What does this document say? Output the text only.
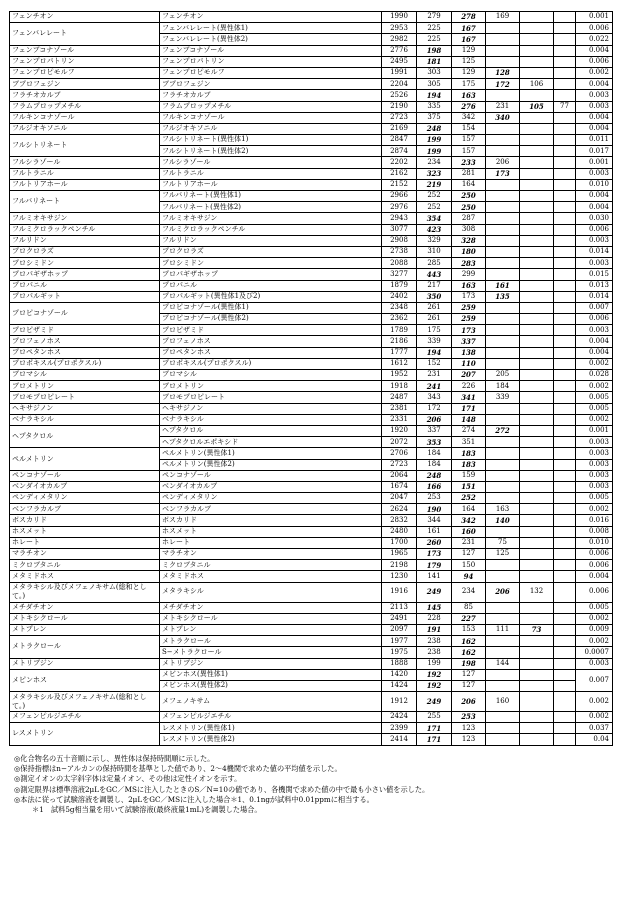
フェンチオン	フェンチオン	1990	279	278	169			0.001
フェンバレレート	フェンバレレート(異性体1)	2953	225	167				0.006
	フェンバレレート(異性体2)	2982	225	167				0.022
フェンブコナゾール	フェンブコナゾール	2776	198	129				0.004
フェンプロパトリン	フェンプロパトリン	2495	181	125				0.006
フェンプロピモルフ	フェンプロピモルフ	1991	303	129	128			0.002
ブプロフェジン	ブプロフェジン	2204	305	175	172	106		0.004
フラチオカルブ	フラチオカルブ	2526	194	163				0.003
フラムプロップメチル	フラムプロップメチル	2190	335	276	231	105	77	0.003
フルキンコナゾール	フルキンコナゾール	2723	375	342	340			0.004
フルジオキソニル	フルジオキソニル	2169	248	154				0.004
フルシトリネート	フルシトリネート(異性体1)	2847	199	157				0.011
	フルシトリネート(異性体2)	2874	199	157				0.017
フルシラゾール	フルシラゾール	2202	234	233	206			0.001
フルトラニル	フルトラニル	2162	323	281	173			0.003
フルトリアホール	フルトリアホール	2152	219	164				0.010
フルバリネート	フルバリネート(異性体1)	2966	252	250				0.004
	フルバリネート(異性体2)	2976	252	250				0.004
フルミオキサジン	フルミオキサジン	2943	354	287				0.030
フルミクロラックペンチル	フルミクロラックペンチル	3077	423	308				0.006
フルリドン	フルリドン	2908	329	328				0.003
プロクロラズ	プロクロラズ	2738	310	180				0.014
プロシミドン	プロシミドン	2088	285	283				0.003
プロパギザホップ	プロパギザホップ	3277	443	299				0.015
プロパニル	プロパニル	1879	217	163	161			0.013
プロパルギット	プロパルギット(異性体1及び2)	2402	350	173	135			0.014
プロピコナゾール	プロピコナゾール(異性体1)	2348	261	259				0.007
	プロピコナゾール(異性体2)	2362	261	259				0.006
プロピザミド	プロピザミド	1789	175	173				0.003
プロフェノホス	プロフェノホス	2186	339	337				0.004
プロペタンホス	プロペタンホス	1777	194	138				0.004
プロポキスル(プロポクスル)	プロポキスル(プロポクスル)	1612	152	110				0.002
ブロマシル	ブロマシル	1952	231	207	205			0.028
ブロメトリン	ブロメトリン	1918	241	226	184			0.002
ブロモプロピレート	ブロモプロピレート	2487	343	341	339			0.005
ヘキサジノン	ヘキサジノン	2381	172	171				0.005
ベナラキシル	ベナラキシル	2331	206	148				0.002
ヘプタクロル	ヘプタクロル	1920	337	274	272			0.001
	ヘプタクロルエポキシド	2072	353	351				0.003
ペルメトリン	ペルメトリン(異性体1)	2706	184	183				0.003
	ペルメトリン(異性体2)	2723	184	183				0.003
ペンコナゾール	ペンコナゾール	2064	248	159				0.003
ベンダイオカルブ	ベンダイオカルブ	1674	166	151				0.003
ペンディメタリン	ペンディメタリン	2047	253	252				0.005
ベンフラカルブ	ベンフラカルブ	2624	190	164	163			0.002
ボスカリド	ボスカリド	2832	344	342	140			0.016
ホスメット	ホスメット	2480	161	160				0.008
ホレート	ホレート	1700	260	231	75			0.010
マラチオン	マラチオン	1965	173	127	125			0.006
ミクロブタニル	ミクロブタニル	2198	179	150				0.006
メタミドホス	メタミドホス	1230	141	94				0.004
メタラキシル及びメフェノキサム(総和として。)	メタラキシル	1916	249	234	206	132		0.006
メチダチオン	メチダチオン	2113	145	85				0.005
メトキシクロール	メトキシクロール	2491	228	227				0.002
メトプレン	メトプレン	2097	191	153	111	73		0.009
メトラクロール	メトラクロール	1977	238	162				0.002
	S−メトラクロール	1975	238	162				0.0007
メトリブジン	メトリブジン	1888	199	198	144			0.003
メピンホス	メビンホス(異性体1)	1420	192	127				0.007
	メビンホス(異性体2)	1424	192	127				
メタラキシル及びメフェノキサム(総和として。)	メフェノキサム	1912	249	206	160			0.002
メフェンピルジエチル	メフェンピルジエチル	2424	255	253				0.002
レスメトリン	レスメトリン(異性体1)	2399	171	123				0.037
	レスメトリン(異性体2)	2414	171	123				0.04
◎化合物名の五十音順に示し、異性体は保持時間順に示した。
◎保持指標はn−アルカンの保持時間を基準とした値であり、2〜4機関で求めた値の平均値を示した。
◎測定イオンの太字斜字体は定量イオン、その他は定性イオンを示す。
◎測定限界は標準溶液2μLをGC／MSに注入したときのS／N=10の値であり、各機関で求めた値の中で最も小さい値を示した。
◎本法に従って試験溶液を調製し、2μLをGC／MSに注入した場合＊1、0.1ngが試料中0.01ppmに相当する。
＊1　試料5g相当量を用いて試験溶液(最終液量1mL)を調製した場合。
